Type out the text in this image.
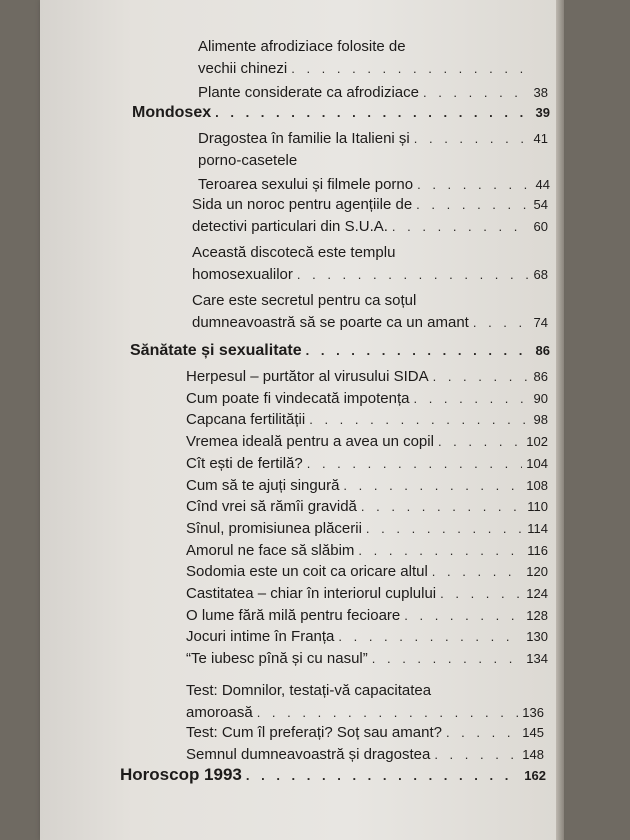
Alimente afrodiziace folosite de
vechii chinezi
. . .
Plante considerate ca afrodiziace . . .	38
Mondosex . . .	39
Dragostea în familie la Italieni și . . .	41
porno-casetele
Teroarea sexului și filmele porno . . .	44
Sida un noroc pentru agențiile de . . .	54
detectivi particulari din S.U.A. . . .	60
Această discotecă este templu
homosexualilor . . .	68
Care este secretul pentru ca soțul
dumneavoastră să se poarte ca un amant . . .	74
Sănătate și sexualitate . . .	86
Herpesul – purtător al virusului SIDA . . .	86
Cum poate fi vindecată impotența . . .	90
Capcana fertilității . . .	98
Vremea ideală pentru a avea un copil . . .	102
Cît ești de fertilă? . . .	104
Cum să te ajuți singură . . .	108
Cînd vrei să rămîi gravidă . . .	110
Sînul, promisiunea plăcerii . . .	114
Amorul ne face să slăbim . . .	116
Sodomia este un coit ca oricare altul . . .	120
Castitatea – chiar în interiorul cuplului . . .	124
O lume fără milă pentru fecioare . . .	128
Jocuri intime în Franța . . .	130
“Te iubesc pînă și cu nasul” . . .	134
Test: Domnilor, testați-vă capacitatea
amoroasă . . .	136
Test: Cum îl preferați? Soț sau amant? . . .	145
Semnul dumneavoastră și dragostea . . .	148
Horoscop 1993 . . .	162
